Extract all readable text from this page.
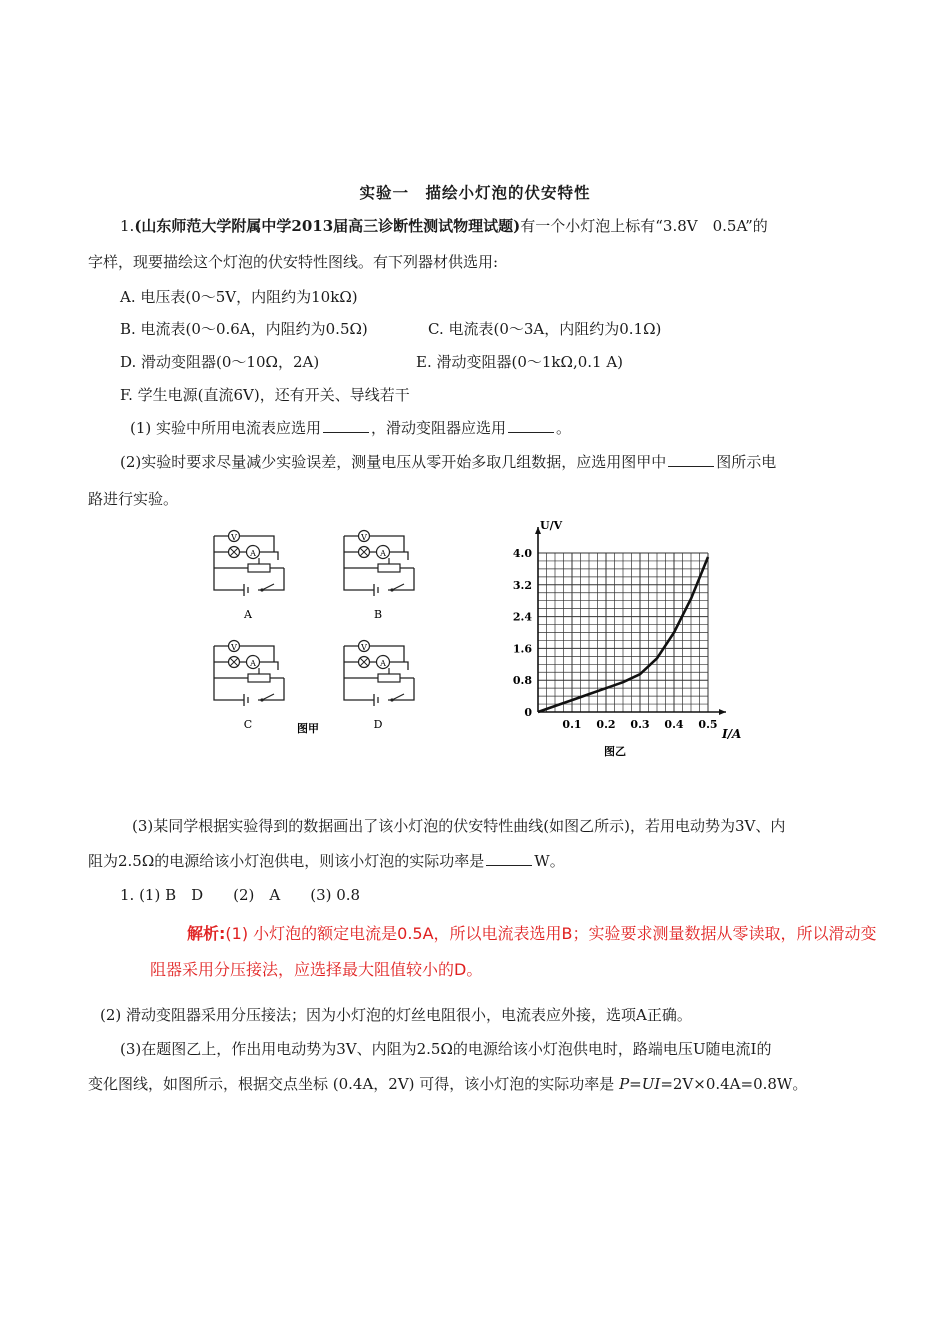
实验一　描绘小灯泡的伏安特性
1.(山东师范大学附属中学2013届高三诊断性测试物理试题)有一个小灯泡上标有“3.8V　0.5A”的
字样，现要描绘这个灯泡的伏安特性图线。有下列器材供选用:
A. 电压表(0～5V，内阻约为10kΩ)
B. 电流表(0～0.6A，内阻约为0.5Ω)	C. 电流表(0～3A，内阻约为0.1Ω)
D. 滑动变阻器(0～10Ω，2A)	E. 滑动变阻器(0～1kΩ,0.1 A)
F. 学生电源(直流6V)，还有开关、导线若干
(1) 实验中所用电流表应选用	，滑动变阻器应选用	。
(2)实验时要求尽量减少实验误差，测量电压从零开始多取几组数据，应选用图甲中	图所示电
路进行实验。
V
A
V
A
V
A
V
A
A	B
C	D
图甲	0.1 0.2 0.3 0.4 0.5
0
0.8
1.6
2.4
3.2
4.0
U/V
I/A
图乙
(3)某同学根据实验得到的数据画出了该小灯泡的伏安特性曲线(如图乙所示)，若用电动势为3V、内
阻为2.5Ω的电源给该小灯泡供电，则该小灯泡的实际功率是	W。
1. (1) B　D　　(2)　A　　(3) 0.8
解析:(1) 小灯泡的额定电流是0.5A，所以电流表选用B；实验要求测量数据从零读取，所以滑动变
阻器采用分压接法，应选择最大阻值较小的D。
(2) 滑动变阻器采用分压接法；因为小灯泡的灯丝电阻很小，电流表应外接，选项A正确。
(3)在题图乙上，作出用电动势为3V、内阻为2.5Ω的电源给该小灯泡供电时，路端电压U随电流I的
变化图线，如图所示，根据交点坐标 (0.4A，2V) 可得，该小灯泡的实际功率是 P=UI=2V×0.4A=0.8W。
